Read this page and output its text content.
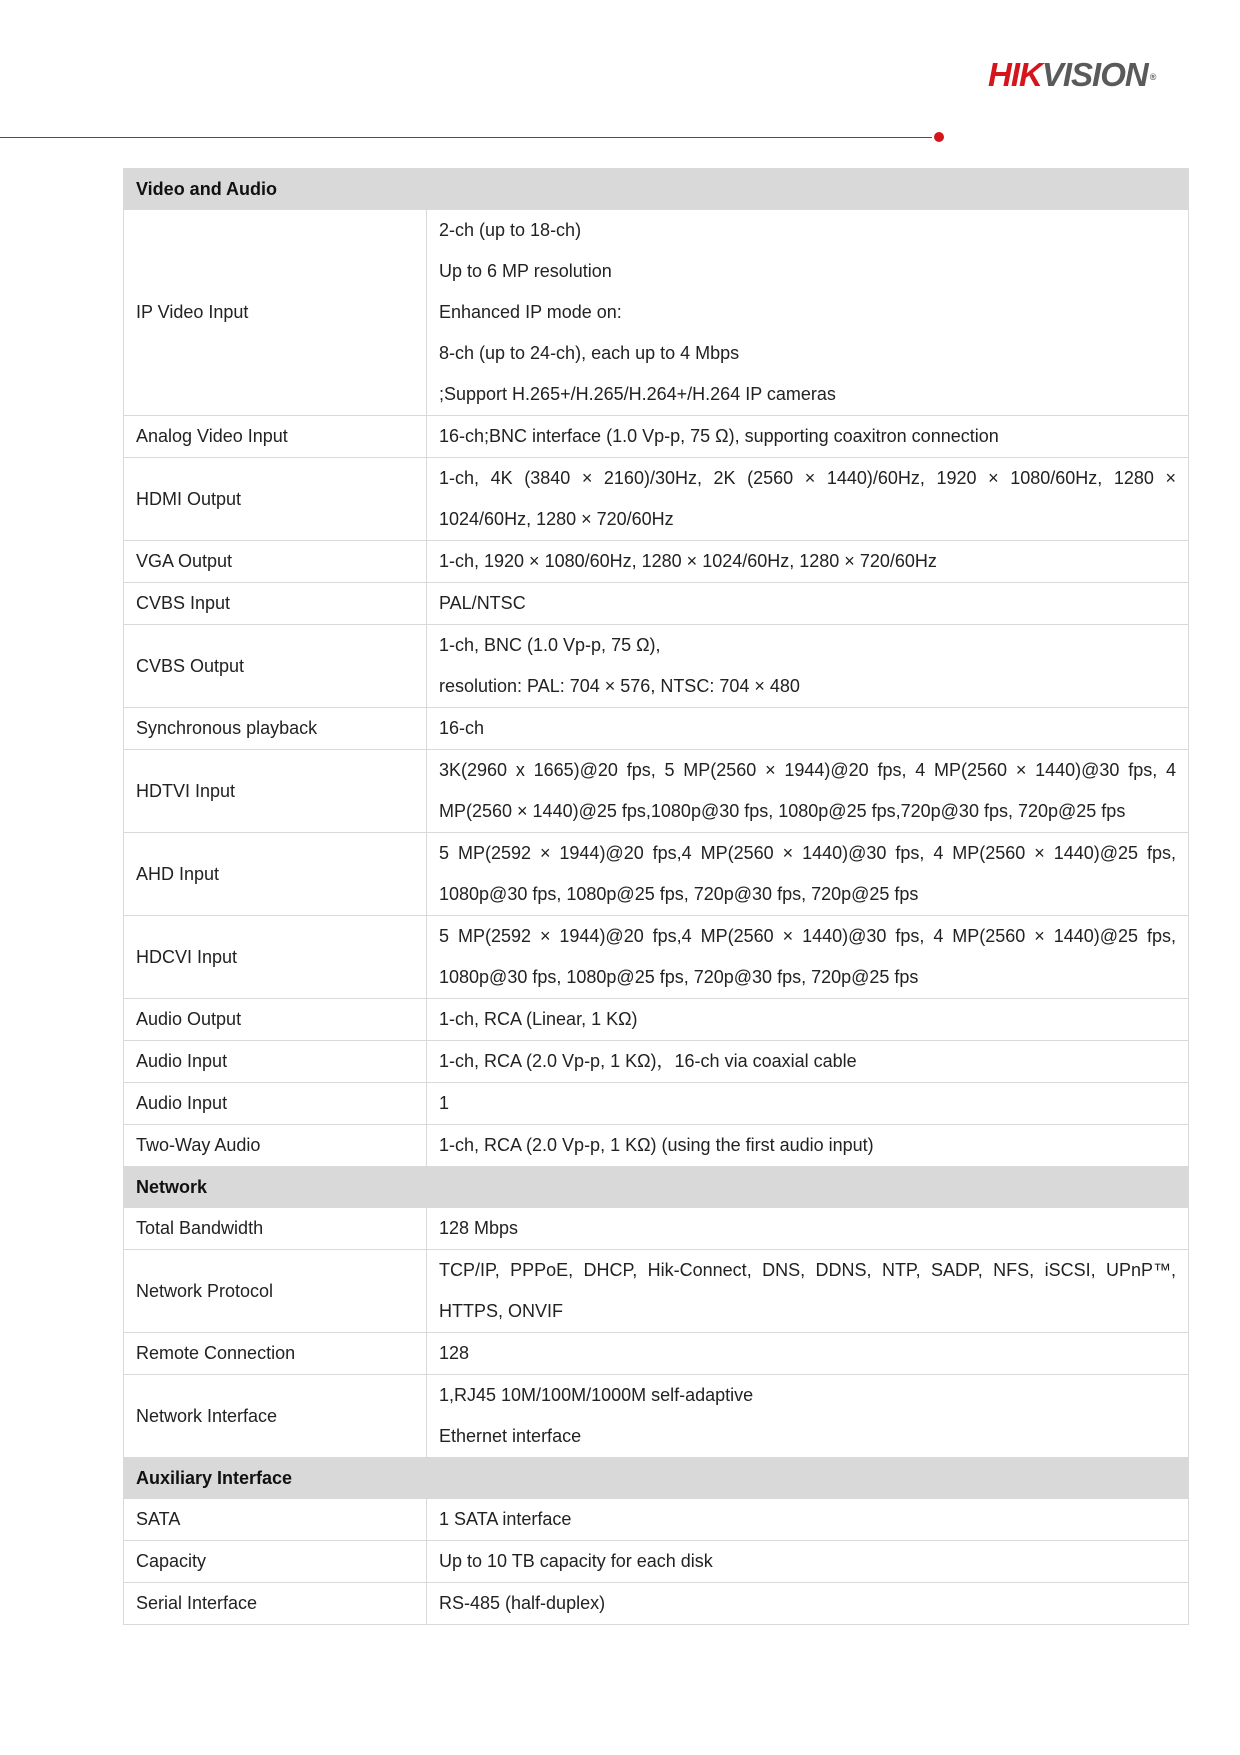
HIKVISION ®
Video and Audio	
IP Video Input	2-ch (up to 18-ch)
Up to 6 MP resolution
Enhanced IP mode on:
8-ch (up to 24-ch), each up to 4 Mbps
;Support H.265+/H.265/H.264+/H.264 IP cameras

Analog Video Input	16-ch;BNC interface (1.0 Vp-p, 75 Ω), supporting coaxitron connection
HDMI Output	1-ch, 4K (3840 × 2160)/30Hz, 2K (2560 × 1440)/60Hz, 1920 × 1080/60Hz, 1280 × 1024/60Hz, 1280 × 720/60Hz
VGA Output	1-ch, 1920 × 1080/60Hz, 1280 × 1024/60Hz, 1280 × 720/60Hz
CVBS Input	PAL/NTSC
CVBS Output	1-ch, BNC (1.0 Vp-p, 75 Ω),
resolution: PAL: 704 × 576, NTSC: 704 × 480

Synchronous playback	16-ch
HDTVI Input	3K(2960 x 1665)@20 fps, 5 MP(2560 × 1944)@20 fps, 4 MP(2560 × 1440)@30 fps, 4 MP(2560 × 1440)@25 fps,1080p@30 fps, 1080p@25 fps,720p@30 fps, 720p@25 fps
AHD Input	5 MP(2592 × 1944)@20 fps,4 MP(2560 × 1440)@30 fps, 4 MP(2560 × 1440)@25 fps, 1080p@30 fps, 1080p@25 fps, 720p@30 fps, 720p@25 fps
HDCVI Input	5 MP(2592 × 1944)@20 fps,4 MP(2560 × 1440)@30 fps, 4 MP(2560 × 1440)@25 fps, 1080p@30 fps, 1080p@25 fps, 720p@30 fps, 720p@25 fps
Audio Output	1-ch, RCA (Linear, 1 KΩ)
Audio Input	1-ch, RCA (2.0 Vp-p, 1 KΩ)，16-ch via coaxial cable
Audio Input	1
Two-Way Audio	1-ch, RCA (2.0 Vp-p, 1 KΩ) (using the first audio input)
Network	
Total Bandwidth	128 Mbps
Network Protocol	TCP/IP, PPPoE, DHCP, Hik-Connect, DNS, DDNS, NTP, SADP, NFS, iSCSI, UPnP™, HTTPS, ONVIF
Remote Connection	128
Network Interface	1,RJ45 10M/100M/1000M self-adaptive
Ethernet interface

Auxiliary Interface	
SATA	1 SATA interface
Capacity	Up to 10 TB capacity for each disk
Serial Interface	RS-485 (half-duplex)
